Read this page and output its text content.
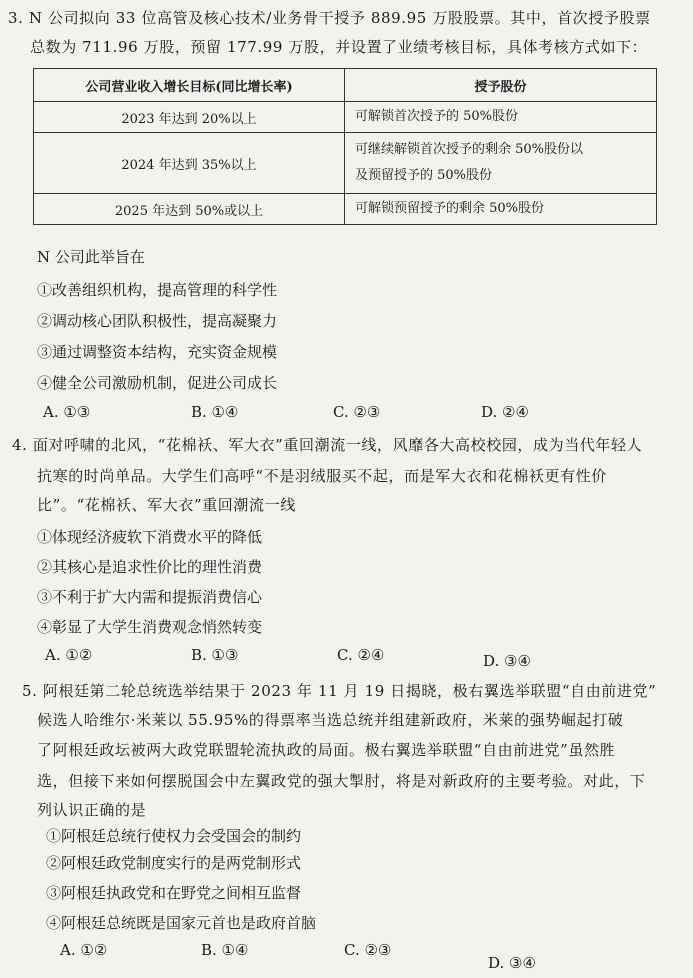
3. N 公司拟向 33 位高管及核心技术/业务骨干授予 889.95 万股股票。其中，首次授予股票
总数为 711.96 万股，预留 177.99 万股，并设置了业绩考核目标，具体考核方式如下：
公司营业收入增长目标(同比增长率)	授予股份
2023 年达到 20%以上	可解锁首次授予的 50%股份
2024 年达到 35%以上	可继续解锁首次授予的剩余 50%股份以
及预留授予的 50%股份

2025 年达到 50%或以上	可解锁预留授予的剩余 50%股份
N 公司此举旨在
①改善组织机构，提高管理的科学性
②调动核心团队积极性，提高凝聚力
③通过调整资本结构，充实资金规模
④健全公司激励机制，促进公司成长
A. ①③	B. ①④	C. ②③	D. ②④
4. 面对呼啸的北风，“花棉袄、军大衣”重回潮流一线，风靡各大高校校园，成为当代年轻人
抗寒的时尚单品。大学生们高呼“不是羽绒服买不起，而是军大衣和花棉袄更有性价
比”。“花棉袄、军大衣”重回潮流一线
①体现经济疲软下消费水平的降低
②其核心是追求性价比的理性消费
③不利于扩大内需和提振消费信心
④彰显了大学生消费观念悄然转变
A. ①②	B. ①③	C. ②④	D. ③④
5. 阿根廷第二轮总统选举结果于 2023 年 11 月 19 日揭晓，极右翼选举联盟“自由前进党”
候选人哈维尔·米莱以 55.95%的得票率当选总统并组建新政府，米莱的强势崛起打破
了阿根廷政坛被两大政党联盟轮流执政的局面。极右翼选举联盟“自由前进党”虽然胜
选，但接下来如何摆脱国会中左翼政党的强大掣肘，将是对新政府的主要考验。对此，下
列认识正确的是
①阿根廷总统行使权力会受国会的制约
②阿根廷政党制度实行的是两党制形式
③阿根廷执政党和在野党之间相互监督
④阿根廷总统既是国家元首也是政府首脑
A. ①②	B. ①④	C. ②③
D. ③④
